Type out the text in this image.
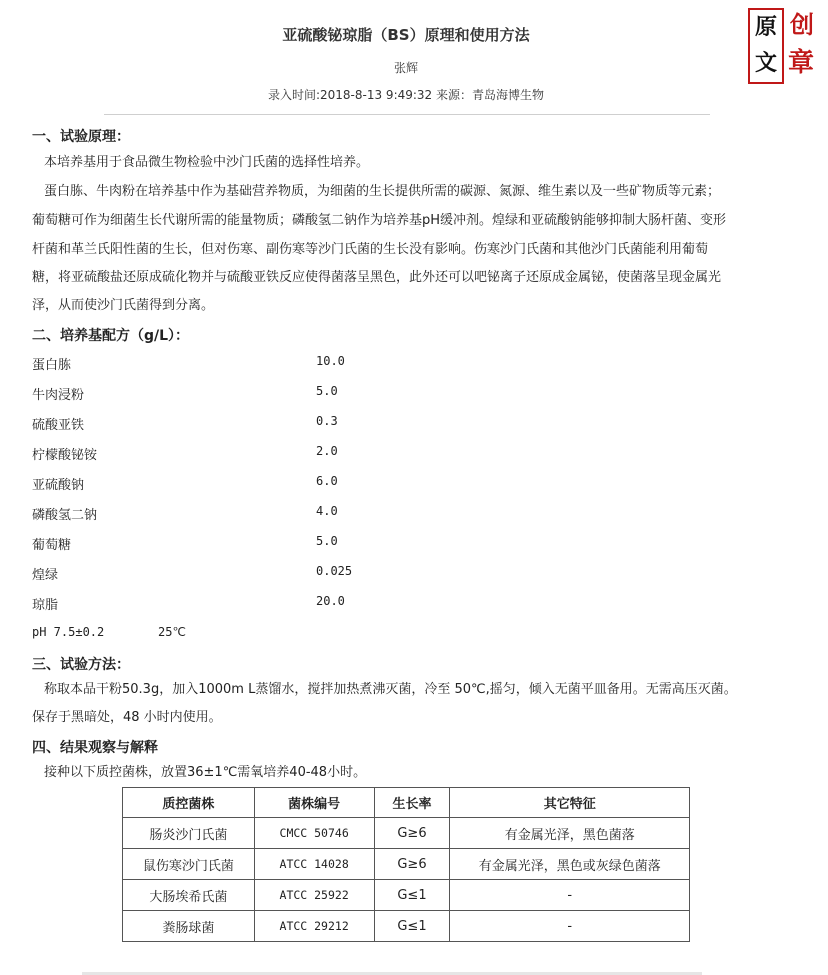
亚硫酸铋琼脂（BS）原理和使用方法
张辉
录入时间:2018-8-13 9:49:32 来源：青岛海博生物
原
文
创
章
一、试验原理：
本培养基用于食品微生物检验中沙门氏菌的选择性培养。
蛋白胨、牛肉粉在培养基中作为基础营养物质，为细菌的生长提供所需的碳源、氮源、维生素以及一些矿物质等元素；
葡萄糖可作为细菌生长代谢所需的能量物质；磷酸氢二钠作为培养基pH缓冲剂。煌绿和亚硫酸钠能够抑制大肠杆菌、变形
杆菌和革兰氏阳性菌的生长，但对伤寒、副伤寒等沙门氏菌的生长没有影响。伤寒沙门氏菌和其他沙门氏菌能利用葡萄
糖，将亚硫酸盐还原成硫化物并与硫酸亚铁反应使得菌落呈黑色，此外还可以吧铋离子还原成金属铋，使菌落呈现金属光
泽，从而使沙门氏菌得到分离。
二、培养基配方（g/L）：
蛋白胨	10.0
牛肉浸粉	5.0
硫酸亚铁	0.3
柠檬酸铋铵	2.0
亚硫酸钠	6.0
磷酸氢二钠	4.0
葡萄糖	5.0
煌绿	0.025
琼脂	20.0
pH 7.5±0.2	25℃
三、试验方法：
称取本品干粉50.3g，加入1000m L蒸馏水，搅拌加热煮沸灭菌，冷至 50℃,摇匀，倾入无菌平皿备用。无需高压灭菌。
保存于黑暗处，48 小时内使用。
四、结果观察与解释
接种以下质控菌株，放置36±1℃需氧培养40-48小时。
质控菌株	菌株编号	生长率	其它特征
肠炎沙门氏菌	CMCC 50746	G≥6	有金属光泽，黑色菌落
鼠伤寒沙门氏菌	ATCC 14028	G≥6	有金属光泽，黑色或灰绿色菌落
大肠埃希氏菌	ATCC 25922	G≤1	-
粪肠球菌	ATCC 29212	G≤1	-
